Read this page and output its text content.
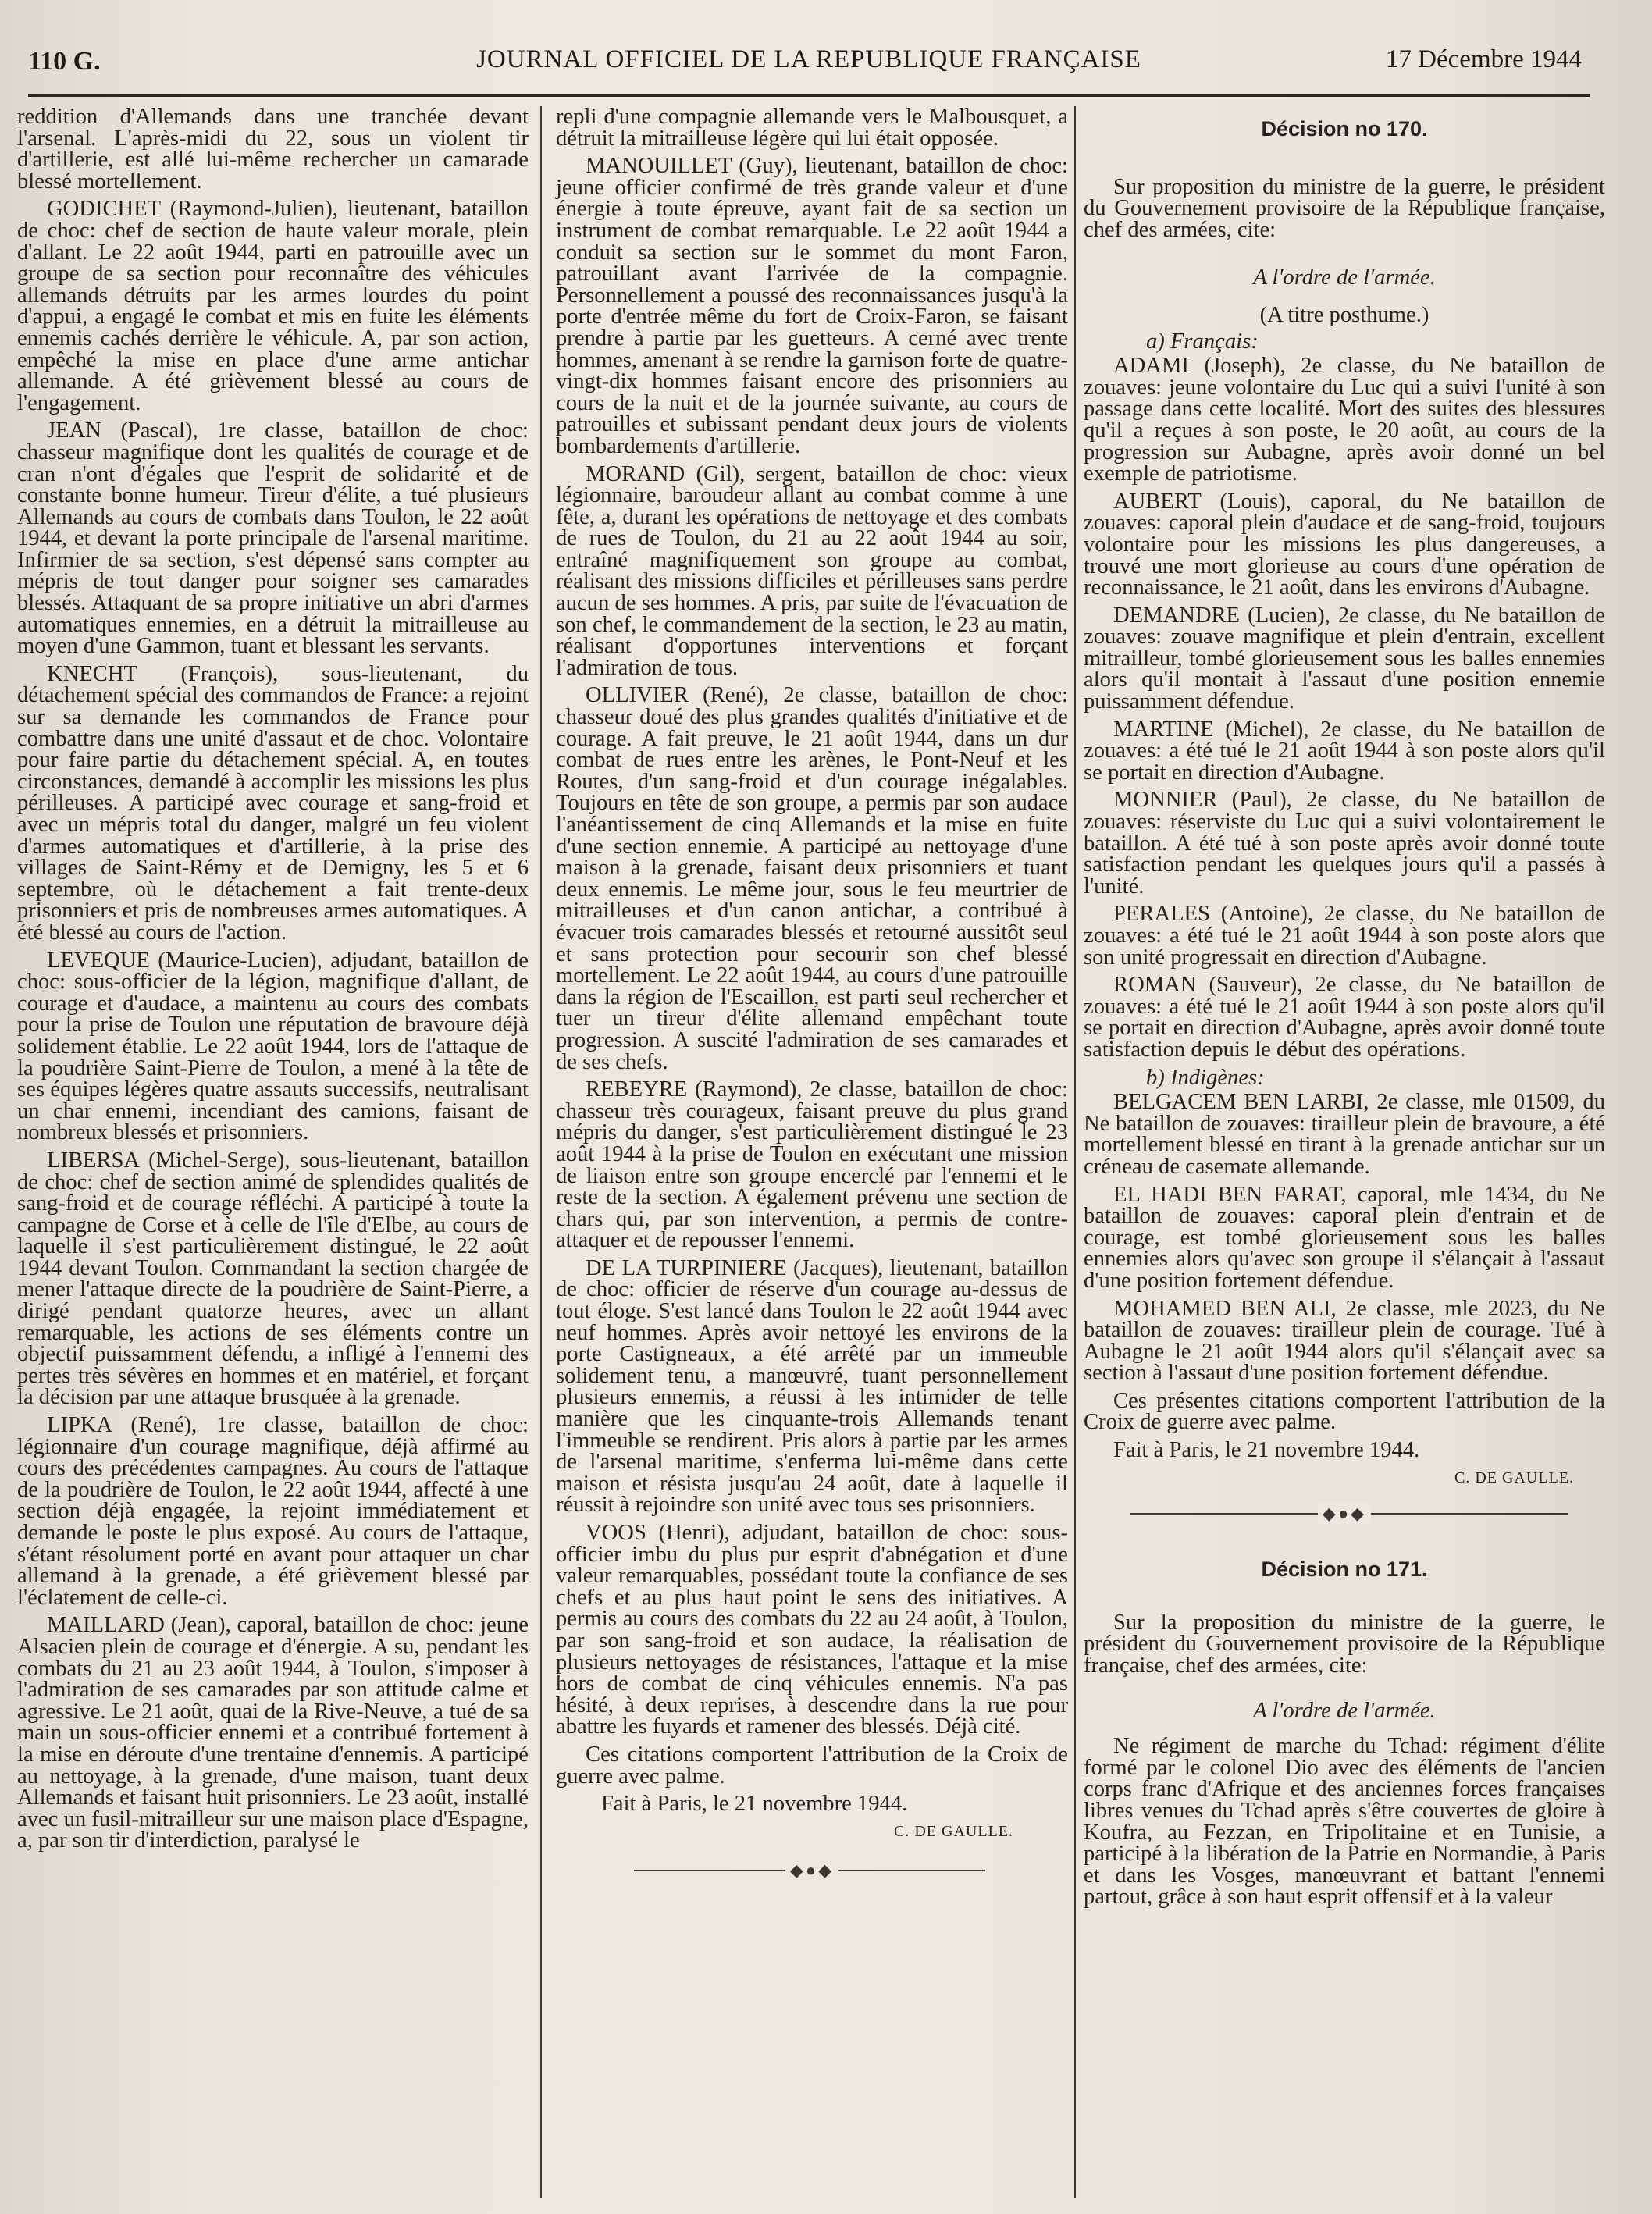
110 G.	JOURNAL OFFICIEL DE LA REPUBLIQUE FRANÇAISE	17 Décembre 1944

reddition d'Allemands dans une tranchée devant l'arsenal. L'après-midi du 22, sous un violent tir d'artillerie, est allé lui-même rechercher un camarade blessé mortellement.

GODICHET (Raymond-Julien), lieutenant, bataillon de choc: chef de section de haute valeur morale, plein d'allant. Le 22 août 1944, parti en patrouille avec un groupe de sa section pour reconnaître des véhicules allemands détruits par les armes lourdes du point d'appui, a engagé le combat et mis en fuite les éléments ennemis cachés derrière le véhicule. A, par son action, empêché la mise en place d'une arme antichar allemande. A été grièvement blessé au cours de l'engagement.

JEAN (Pascal), 1re classe, bataillon de choc: chasseur magnifique dont les qualités de courage et de cran n'ont d'égales que l'esprit de solidarité et de constante bonne humeur. Tireur d'élite, a tué plusieurs Allemands au cours de combats dans Toulon, le 22 août 1944, et devant la porte principale de l'arsenal maritime. Infirmier de sa section, s'est dépensé sans compter au mépris de tout danger pour soigner ses camarades blessés. Attaquant de sa propre initiative un abri d'armes automatiques ennemies, en a détruit la mitrailleuse au moyen d'une Gammon, tuant et blessant les servants.

KNECHT (François), sous-lieutenant, du détachement spécial des commandos de France: a rejoint sur sa demande les commandos de France pour combattre dans une unité d'assaut et de choc. Volontaire pour faire partie du détachement spécial. A, en toutes circonstances, demandé à accomplir les missions les plus périlleuses. A participé avec courage et sang-froid et avec un mépris total du danger, malgré un feu violent d'armes automatiques et d'artillerie, à la prise des villages de Saint-Rémy et de Demigny, les 5 et 6 septembre, où le détachement a fait trente-deux prisonniers et pris de nombreuses armes automatiques. A été blessé au cours de l'action.

LEVEQUE (Maurice-Lucien), adjudant, bataillon de choc: sous-officier de la légion, magnifique d'allant, de courage et d'audace, a maintenu au cours des combats pour la prise de Toulon une réputation de bravoure déjà solidement établie. Le 22 août 1944, lors de l'attaque de la poudrière Saint-Pierre de Toulon, a mené à la tête de ses équipes légères quatre assauts successifs, neutralisant un char ennemi, incendiant des camions, faisant de nombreux blessés et prisonniers.

LIBERSA (Michel-Serge), sous-lieutenant, bataillon de choc: chef de section animé de splendides qualités de sang-froid et de courage réfléchi. A participé à toute la campagne de Corse et à celle de l'île d'Elbe, au cours de laquelle il s'est particulièrement distingué, le 22 août 1944 devant Toulon. Commandant la section chargée de mener l'attaque directe de la poudrière de Saint-Pierre, a dirigé pendant quatorze heures, avec un allant remarquable, les actions de ses éléments contre un objectif puissamment défendu, a infligé à l'ennemi des pertes très sévères en hommes et en matériel, et forçant la décision par une attaque brusquée à la grenade.

LIPKA (René), 1re classe, bataillon de choc: légionnaire d'un courage magnifique, déjà affirmé au cours des précédentes campagnes. Au cours de l'attaque de la poudrière de Toulon, le 22 août 1944, affecté à une section déjà engagée, la rejoint immédiatement et demande le poste le plus exposé. Au cours de l'attaque, s'étant résolument porté en avant pour attaquer un char allemand à la grenade, a été grièvement blessé par l'éclatement de celle-ci.

MAILLARD (Jean), caporal, bataillon de choc: jeune Alsacien plein de courage et d'énergie. A su, pendant les combats du 21 au 23 août 1944, à Toulon, s'imposer à l'admiration de ses camarades par son attitude calme et agressive. Le 21 août, quai de la Rive-Neuve, a tué de sa main un sous-officier ennemi et a contribué fortement à la mise en déroute d'une trentaine d'ennemis. A participé au nettoyage, à la grenade, d'une maison, tuant deux Allemands et faisant huit prisonniers. Le 23 août, installé avec un fusil-mitrailleur sur une maison place d'Espagne, a, par son tir d'interdiction, paralysé le

repli d'une compagnie allemande vers le Malbousquet, a détruit la mitrailleuse légère qui lui était opposée.

MANOUILLET (Guy), lieutenant, bataillon de choc: jeune officier confirmé de très grande valeur et d'une énergie à toute épreuve, ayant fait de sa section un instrument de combat remarquable. Le 22 août 1944 a conduit sa section sur le sommet du mont Faron, patrouillant avant l'arrivée de la compagnie. Personnellement a poussé des reconnaissances jusqu'à la porte d'entrée même du fort de Croix-Faron, se faisant prendre à partie par les guetteurs. A cerné avec trente hommes, amenant à se rendre la garnison forte de quatre-vingt-dix hommes faisant encore des prisonniers au cours de la nuit et de la journée suivante, au cours de patrouilles et subissant pendant deux jours de violents bombardements d'artillerie.

MORAND (Gil), sergent, bataillon de choc: vieux légionnaire, baroudeur allant au combat comme à une fête, a, durant les opérations de nettoyage et des combats de rues de Toulon, du 21 au 22 août 1944 au soir, entraîné magnifiquement son groupe au combat, réalisant des missions difficiles et périlleuses sans perdre aucun de ses hommes. A pris, par suite de l'évacuation de son chef, le commandement de la section, le 23 au matin, réalisant d'opportunes interventions et forçant l'admiration de tous.

OLLIVIER (René), 2e classe, bataillon de choc: chasseur doué des plus grandes qualités d'initiative et de courage. A fait preuve, le 21 août 1944, dans un dur combat de rues entre les arènes, le Pont-Neuf et les Routes, d'un sang-froid et d'un courage inégalables. Toujours en tête de son groupe, a permis par son audace l'anéantissement de cinq Allemands et la mise en fuite d'une section ennemie. A participé au nettoyage d'une maison à la grenade, faisant deux prisonniers et tuant deux ennemis. Le même jour, sous le feu meurtrier de mitrailleuses et d'un canon antichar, a contribué à évacuer trois camarades blessés et retourné aussitôt seul et sans protection pour secourir son chef blessé mortellement. Le 22 août 1944, au cours d'une patrouille dans la région de l'Escaillon, est parti seul rechercher et tuer un tireur d'élite allemand empêchant toute progression. A suscité l'admiration de ses camarades et de ses chefs.

REBEYRE (Raymond), 2e classe, bataillon de choc: chasseur très courageux, faisant preuve du plus grand mépris du danger, s'est particulièrement distingué le 23 août 1944 à la prise de Toulon en exécutant une mission de liaison entre son groupe encerclé par l'ennemi et le reste de la section. A également prévenu une section de chars qui, par son intervention, a permis de contre-attaquer et de repousser l'ennemi.

DE LA TURPINIERE (Jacques), lieutenant, bataillon de choc: officier de réserve d'un courage au-dessus de tout éloge. S'est lancé dans Toulon le 22 août 1944 avec neuf hommes. Après avoir nettoyé les environs de la porte Castigneaux, a été arrêté par un immeuble solidement tenu, a manœuvré, tuant personnellement plusieurs ennemis, a réussi à les intimider de telle manière que les cinquante-trois Allemands tenant l'immeuble se rendirent. Pris alors à partie par les armes de l'arsenal maritime, s'enferma lui-même dans cette maison et résista jusqu'au 24 août, date à laquelle il réussit à rejoindre son unité avec tous ses prisonniers.

VOOS (Henri), adjudant, bataillon de choc: sous-officier imbu du plus pur esprit d'abnégation et d'une valeur remarquables, possédant toute la confiance de ses chefs et au plus haut point le sens des initiatives. A permis au cours des combats du 22 au 24 août, à Toulon, par son sang-froid et son audace, la réalisation de plusieurs nettoyages de résistances, l'attaque et la mise hors de combat de cinq véhicules ennemis. N'a pas hésité, à deux reprises, à descendre dans la rue pour abattre les fuyards et ramener des blessés. Déjà cité.

Ces citations comportent l'attribution de la Croix de guerre avec palme.

Fait à Paris, le 21 novembre 1944.

C. DE GAULLE.

◆●◆

Décision no 170.

Sur proposition du ministre de la guerre, le président du Gouvernement provisoire de la République française, chef des armées, cite:

A l'ordre de l'armée.

(A titre posthume.)

a) Français:

ADAMI (Joseph), 2e classe, du Ne bataillon de zouaves: jeune volontaire du Luc qui a suivi l'unité à son passage dans cette localité. Mort des suites des blessures qu'il a reçues à son poste, le 20 août, au cours de la progression sur Aubagne, après avoir donné un bel exemple de patriotisme.

AUBERT (Louis), caporal, du Ne bataillon de zouaves: caporal plein d'audace et de sang-froid, toujours volontaire pour les missions les plus dangereuses, a trouvé une mort glorieuse au cours d'une opération de reconnaissance, le 21 août, dans les environs d'Aubagne.

DEMANDRE (Lucien), 2e classe, du Ne bataillon de zouaves: zouave magnifique et plein d'entrain, excellent mitrailleur, tombé glorieusement sous les balles ennemies alors qu'il montait à l'assaut d'une position ennemie puissamment défendue.

MARTINE (Michel), 2e classe, du Ne bataillon de zouaves: a été tué le 21 août 1944 à son poste alors qu'il se portait en direction d'Aubagne.

MONNIER (Paul), 2e classe, du Ne bataillon de zouaves: réserviste du Luc qui a suivi volontairement le bataillon. A été tué à son poste après avoir donné toute satisfaction pendant les quelques jours qu'il a passés à l'unité.

PERALES (Antoine), 2e classe, du Ne bataillon de zouaves: a été tué le 21 août 1944 à son poste alors que son unité progressait en direction d'Aubagne.

ROMAN (Sauveur), 2e classe, du Ne bataillon de zouaves: a été tué le 21 août 1944 à son poste alors qu'il se portait en direction d'Aubagne, après avoir donné toute satisfaction depuis le début des opérations.

b) Indigènes:

BELGACEM BEN LARBI, 2e classe, mle 01509, du Ne bataillon de zouaves: tirailleur plein de bravoure, a été mortellement blessé en tirant à la grenade antichar sur un créneau de casemate allemande.

EL HADI BEN FARAT, caporal, mle 1434, du Ne bataillon de zouaves: caporal plein d'entrain et de courage, est tombé glorieusement sous les balles ennemies alors qu'avec son groupe il s'élançait à l'assaut d'une position fortement défendue.

MOHAMED BEN ALI, 2e classe, mle 2023, du Ne bataillon de zouaves: tirailleur plein de courage. Tué à Aubagne le 21 août 1944 alors qu'il s'élançait avec sa section à l'assaut d'une position fortement défendue.

Ces présentes citations comportent l'attribution de la Croix de guerre avec palme.

Fait à Paris, le 21 novembre 1944.

C. DE GAULLE.

◆●◆

Décision no 171.

Sur la proposition du ministre de la guerre, le président du Gouvernement provisoire de la République française, chef des armées, cite:

A l'ordre de l'armée.

Ne régiment de marche du Tchad: régiment d'élite formé par le colonel Dio avec des éléments de l'ancien corps franc d'Afrique et des anciennes forces françaises libres venues du Tchad après s'être couvertes de gloire à Koufra, au Fezzan, en Tripolitaine et en Tunisie, a participé à la libération de la Patrie en Normandie, à Paris et dans les Vosges, manœuvrant et battant l'ennemi partout, grâce à son haut esprit offensif et à la valeur
